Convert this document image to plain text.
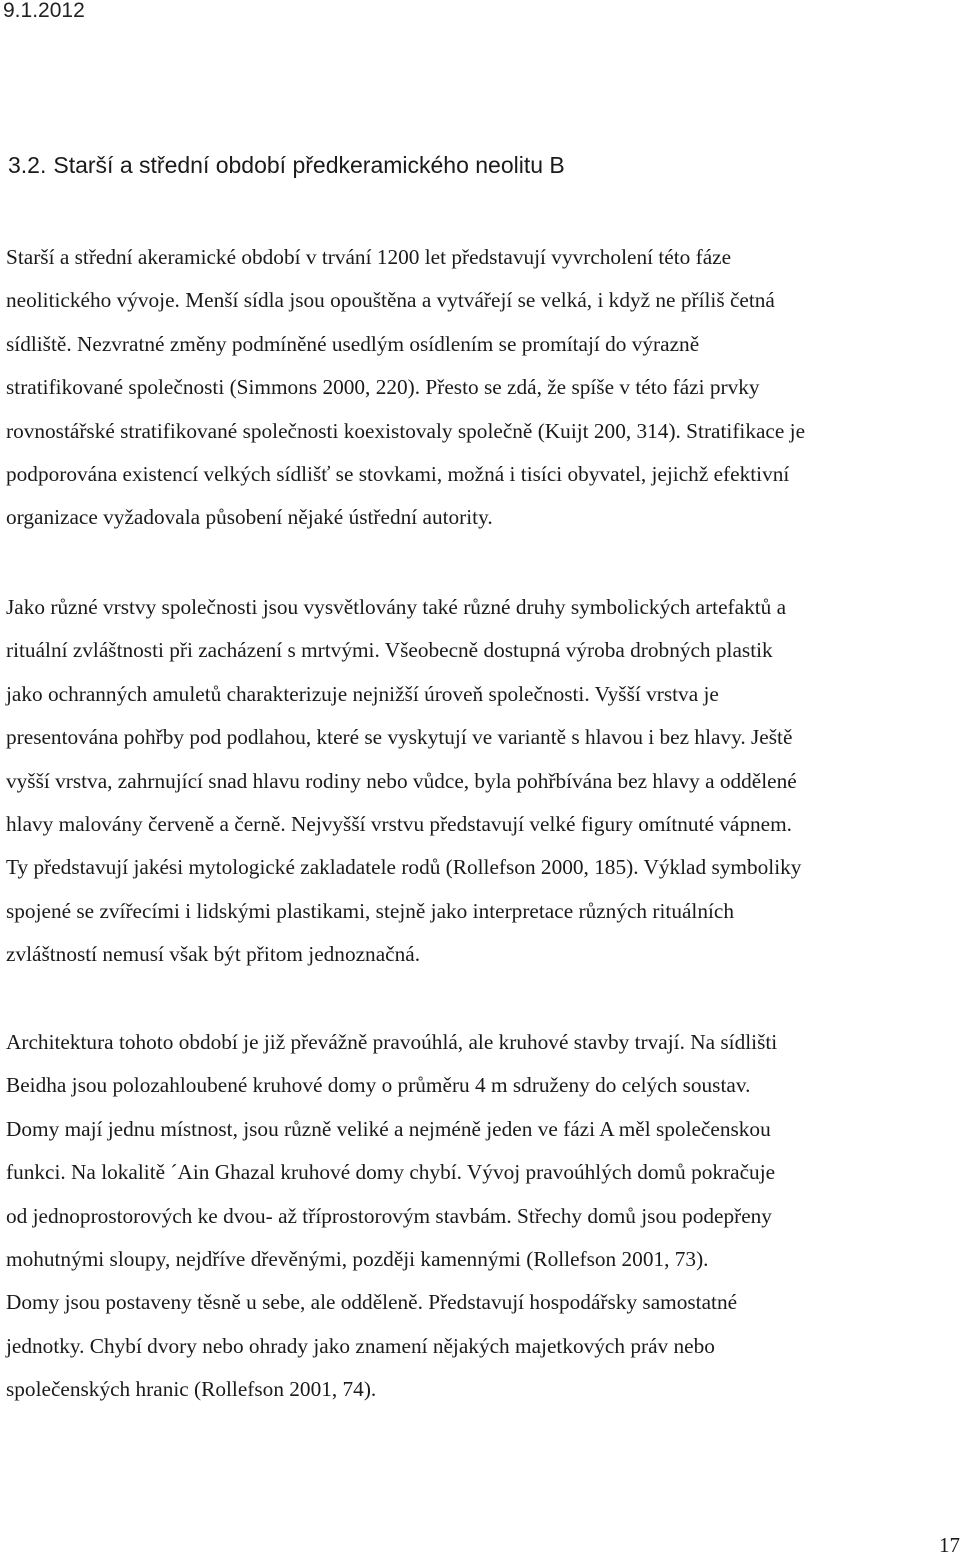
9.1.2012
3.2. Starší a střední období předkeramického neolitu B
Starší a střední akeramické období v trvání 1200 let představují vyvrcholení této fáze
neolitického vývoje. Menší sídla jsou opouštěna a vytvářejí se velká, i když ne příliš četná
sídliště. Nezvratné změny podmíněné usedlým osídlením se promítají do výrazně
stratifikované společnosti (Simmons 2000, 220). Přesto se zdá, že spíše v této fázi prvky
rovnostářské stratifikované společnosti koexistovaly společně (Kuijt 200, 314). Stratifikace je
podporována existencí velkých sídlišť se stovkami, možná i tisíci obyvatel, jejichž efektivní
organizace vyžadovala působení nějaké ústřední autority.
Jako různé vrstvy společnosti jsou vysvětlovány také různé druhy symbolických artefaktů a
rituální zvláštnosti při zacházení s mrtvými. Všeobecně dostupná výroba drobných plastik
jako ochranných amuletů charakterizuje nejnižší úroveň společnosti. Vyšší vrstva je
presentována pohřby pod podlahou, které se vyskytují ve variantě s hlavou i bez hlavy. Ještě
vyšší vrstva, zahrnující snad hlavu rodiny nebo vůdce, byla pohřbívána bez hlavy a oddělené
hlavy malovány červeně a černě. Nejvyšší vrstvu představují velké figury omítnuté vápnem.
Ty představují jakési mytologické zakladatele rodů (Rollefson 2000, 185). Výklad symboliky
spojené se zvířecími i lidskými plastikami, stejně jako interpretace různých rituálních
zvláštností nemusí však být přitom jednoznačná.
Architektura tohoto období je již převážně pravoúhlá, ale kruhové stavby trvají. Na sídlišti
Beidha jsou polozahloubené kruhové domy o průměru 4 m sdruženy do celých soustav.
Domy mají jednu místnost, jsou různě veliké a nejméně jeden ve fázi A měl společenskou
funkci. Na lokalitě ´Ain Ghazal kruhové domy chybí. Vývoj pravoúhlých domů pokračuje
od jednoprostorových ke dvou- až tříprostorovým stavbám. Střechy domů jsou podepřeny
mohutnými sloupy, nejdříve dřevěnými, později kamennými (Rollefson 2001, 73).
Domy jsou postaveny těsně u sebe, ale odděleně. Představují hospodářsky samostatné
jednotky. Chybí dvory nebo ohrady jako znamení nějakých majetkových práv nebo
společenských hranic (Rollefson 2001, 74).
17
